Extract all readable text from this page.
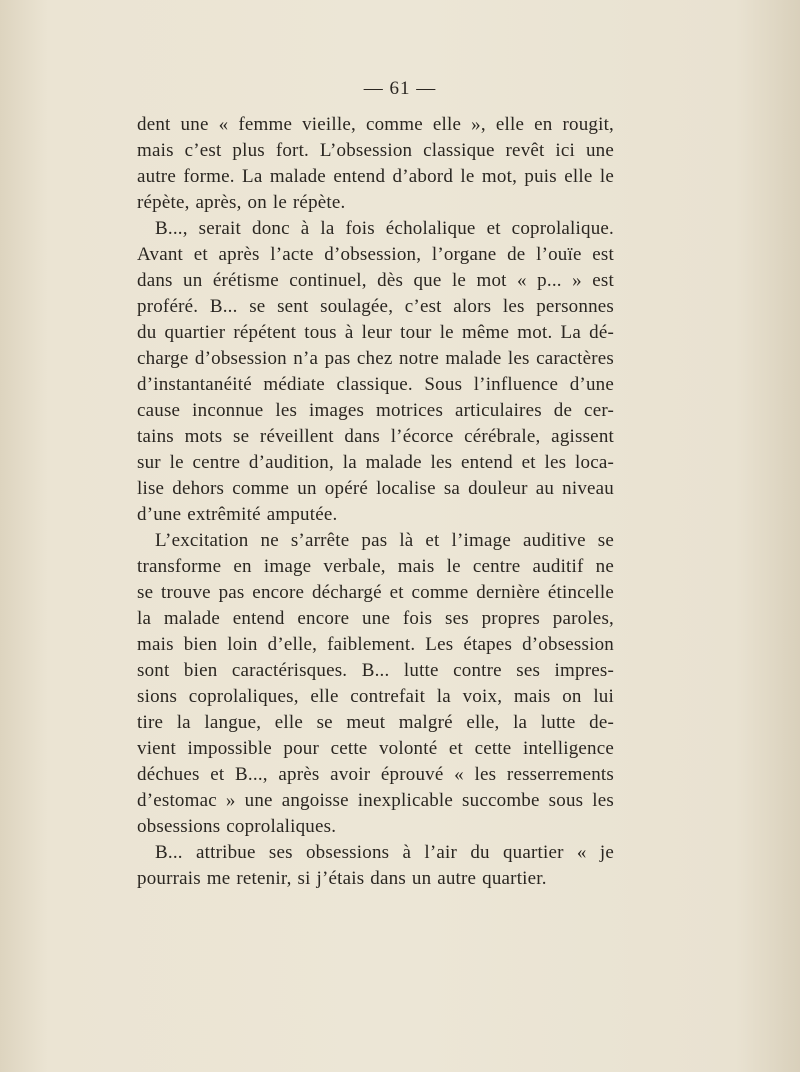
— 61 —
dent une « femme vieille, comme elle », elle en rougit,
mais c’est plus fort. L’obsession classique revêt ici une
autre forme. La malade entend d’abord le mot, puis elle le
répète, après, on le répète.
B..., serait donc à la fois écholalique et coprolalique.
Avant et après l’acte d’obsession, l’organe de l’ouïe est
dans un érétisme continuel, dès que le mot « p... » est
proféré. B... se sent soulagée, c’est alors les personnes
du quartier répétent tous à leur tour le même mot. La dé-
charge d’obsession n’a pas chez notre malade les caractères
d’instantanéité médiate classique. Sous l’influence d’une
cause inconnue les images motrices articulaires de cer-
tains mots se réveillent dans l’écorce cérébrale, agissent
sur le centre d’audition, la malade les entend et les loca-
lise dehors comme un opéré localise sa douleur au niveau
d’une extrêmité amputée.
L’excitation ne s’arrête pas là et l’image auditive se
transforme en image verbale, mais le centre auditif ne
se trouve pas encore déchargé et comme dernière étincelle
la malade entend encore une fois ses propres paroles,
mais bien loin d’elle, faiblement. Les étapes d’obsession
sont bien caractérisques. B... lutte contre ses impres-
sions coprolaliques, elle contrefait la voix, mais on lui
tire la langue, elle se meut malgré elle, la lutte de-
vient impossible pour cette volonté et cette intelligence
déchues et B..., après avoir éprouvé « les resserrements
d’estomac » une angoisse inexplicable succombe sous les
obsessions coprolaliques.
B... attribue ses obsessions à l’air du quartier « je
pourrais me retenir, si j’étais dans un autre quartier.
